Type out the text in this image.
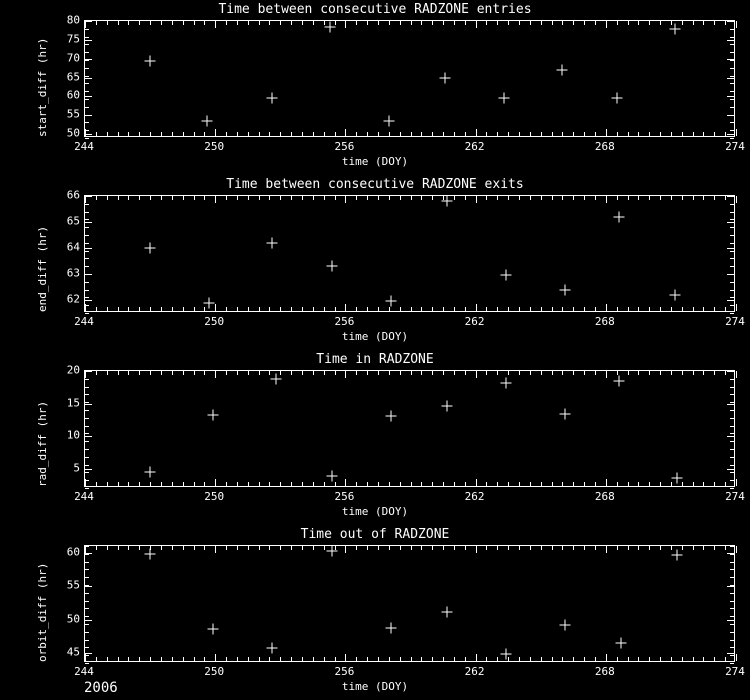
Time between consecutive RADZONE entries
244	250	256	262	268	274
50
55
60
65
70
75
80
start_diff (hr)
time (DOY)
Time between consecutive RADZONE exits
244	250	256	262	268	274
62
63
64
65
66
end_diff (hr)
time (DOY)
Time in RADZONE
244	250	256	262	268	274
5
10
15
20
rad_diff (hr)
time (DOY)
Time out of RADZONE
244	250	256	262	268	274
45
50
55
60
orbit_diff (hr)
time (DOY)
2006
